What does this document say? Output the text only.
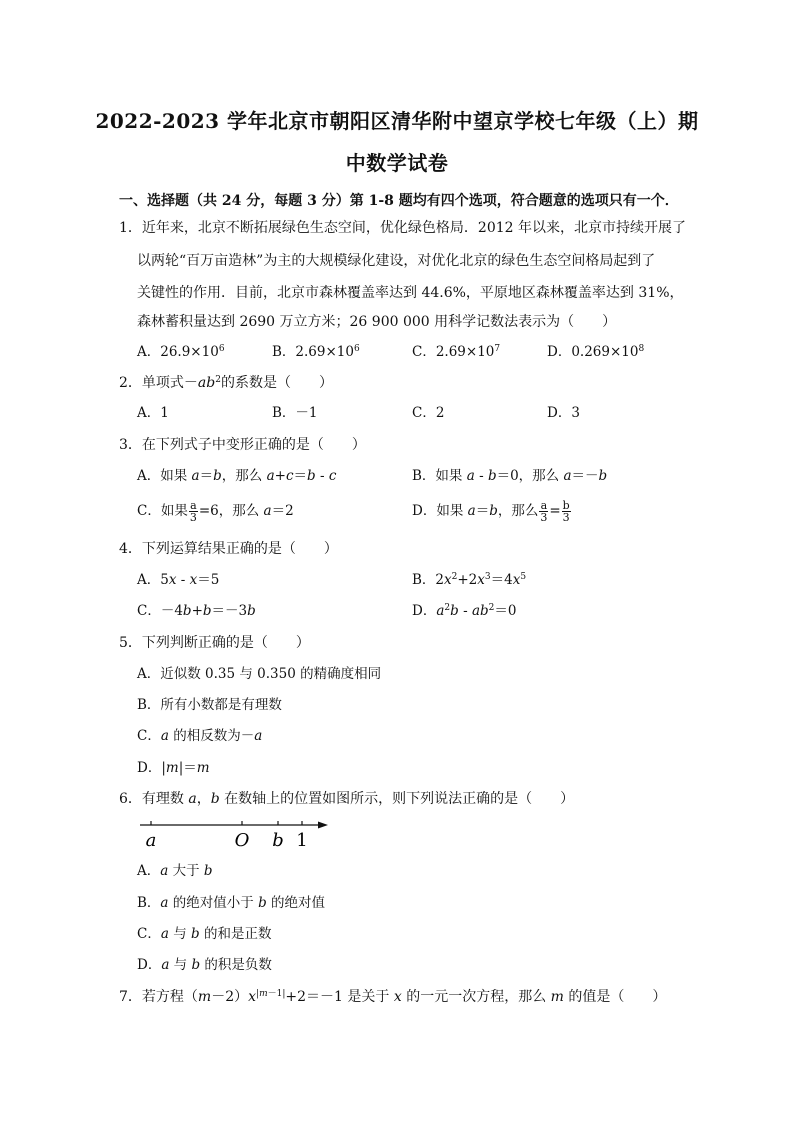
2022-2023 学年北京市朝阳区清华附中望京学校七年级（上）期
中数学试卷
一、选择题（共 24 分，每题 3 分）第 1-8 题均有四个选项，符合题意的选项只有一个．
1．近年来，北京不断拓展绿色生态空间，优化绿色格局．2012 年以来，北京市持续开展了
以两轮“百万亩造林”为主的大规模绿化建设，对优化北京的绿色生态空间格局起到了
关键性的作用．目前，北京市森林覆盖率达到 44.6%，平原地区森林覆盖率达到 31%，
森林蓄积量达到 2690 万立方米；26 900 000 用科学记数法表示为（　　）
A．$26.9\times 10^6$	B．$2.69\times 10^6$	C．$2.69\times 10^7$	D．$0.269\times 10^8$
2．单项式$-ab^2$的系数是（　　）
A．1	B．－1	C．2	D．3
3．在下列式子中变形正确的是（　　）
A．如果 a＝b，那么 a+c＝b - c	B．如果 a - b＝0，那么 a＝－b
C．如果 $\frac{a}{3} =6$，那么 a＝2	D．如果 a＝b，那么 $\frac{a}{3} = \frac{b}{3}$
4．下列运算结果正确的是（　　）
A．5x - x＝5	B．$2x^2+2x^3=4x^5$
C．－4b+b＝－3b	D．$a^2b - ab^2=0$
5．下列判断正确的是（　　）
A．近似数 0.35 与 0.350 的精确度相同
B．所有小数都是有理数
C．a 的相反数为－a
D．|m|＝m
6．有理数 a，b 在数轴上的位置如图所示，则下列说法正确的是（　　）
a	O b 1
A．a 大于 b
B．a 的绝对值小于 b 的绝对值
C．a 与 b 的和是正数
D．a 与 b 的积是负数
7．若方程$(m-2)x^{|m-1|}+2=-1$ 是关于 x 的一元一次方程，那么 m 的值是（　　）
